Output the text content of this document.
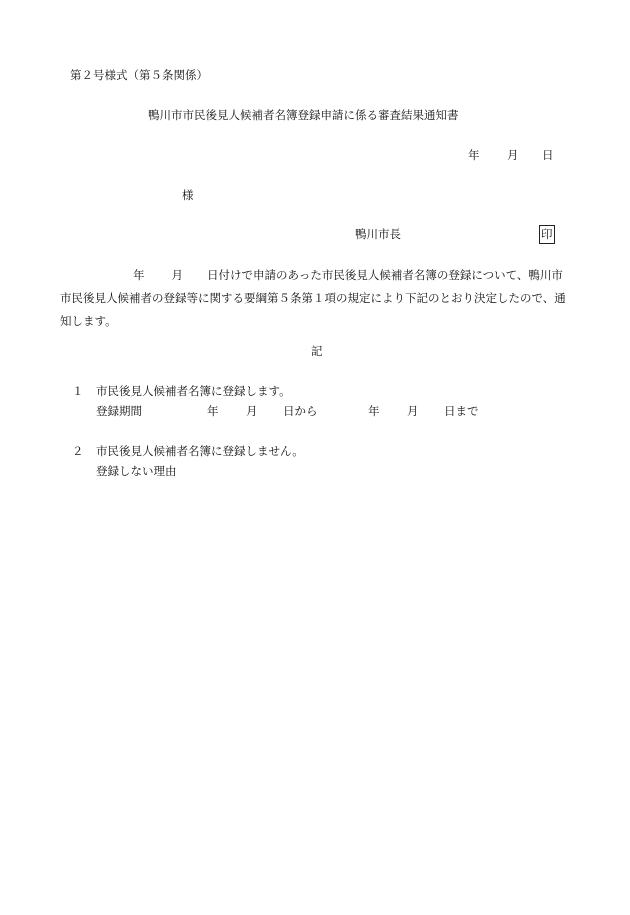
第２号様式（第５条関係）
鴨川市市民後見人候補者名簿登録申請に係る審査結果通知書
年 月 日
様
鴨川市長	印
年 月 日付けで申請のあった市民後見人候補者名簿の登録について、鴨川市市民後見人候補者の登録等に関する要綱第５条第１項の規定により下記のとおり決定したので、通知します。
記
１ 市民後見人候補者名簿に登録します。
登録期間	年 月 日から	年 月 日まで
２ 市民後見人候補者名簿に登録しません。
登録しない理由
